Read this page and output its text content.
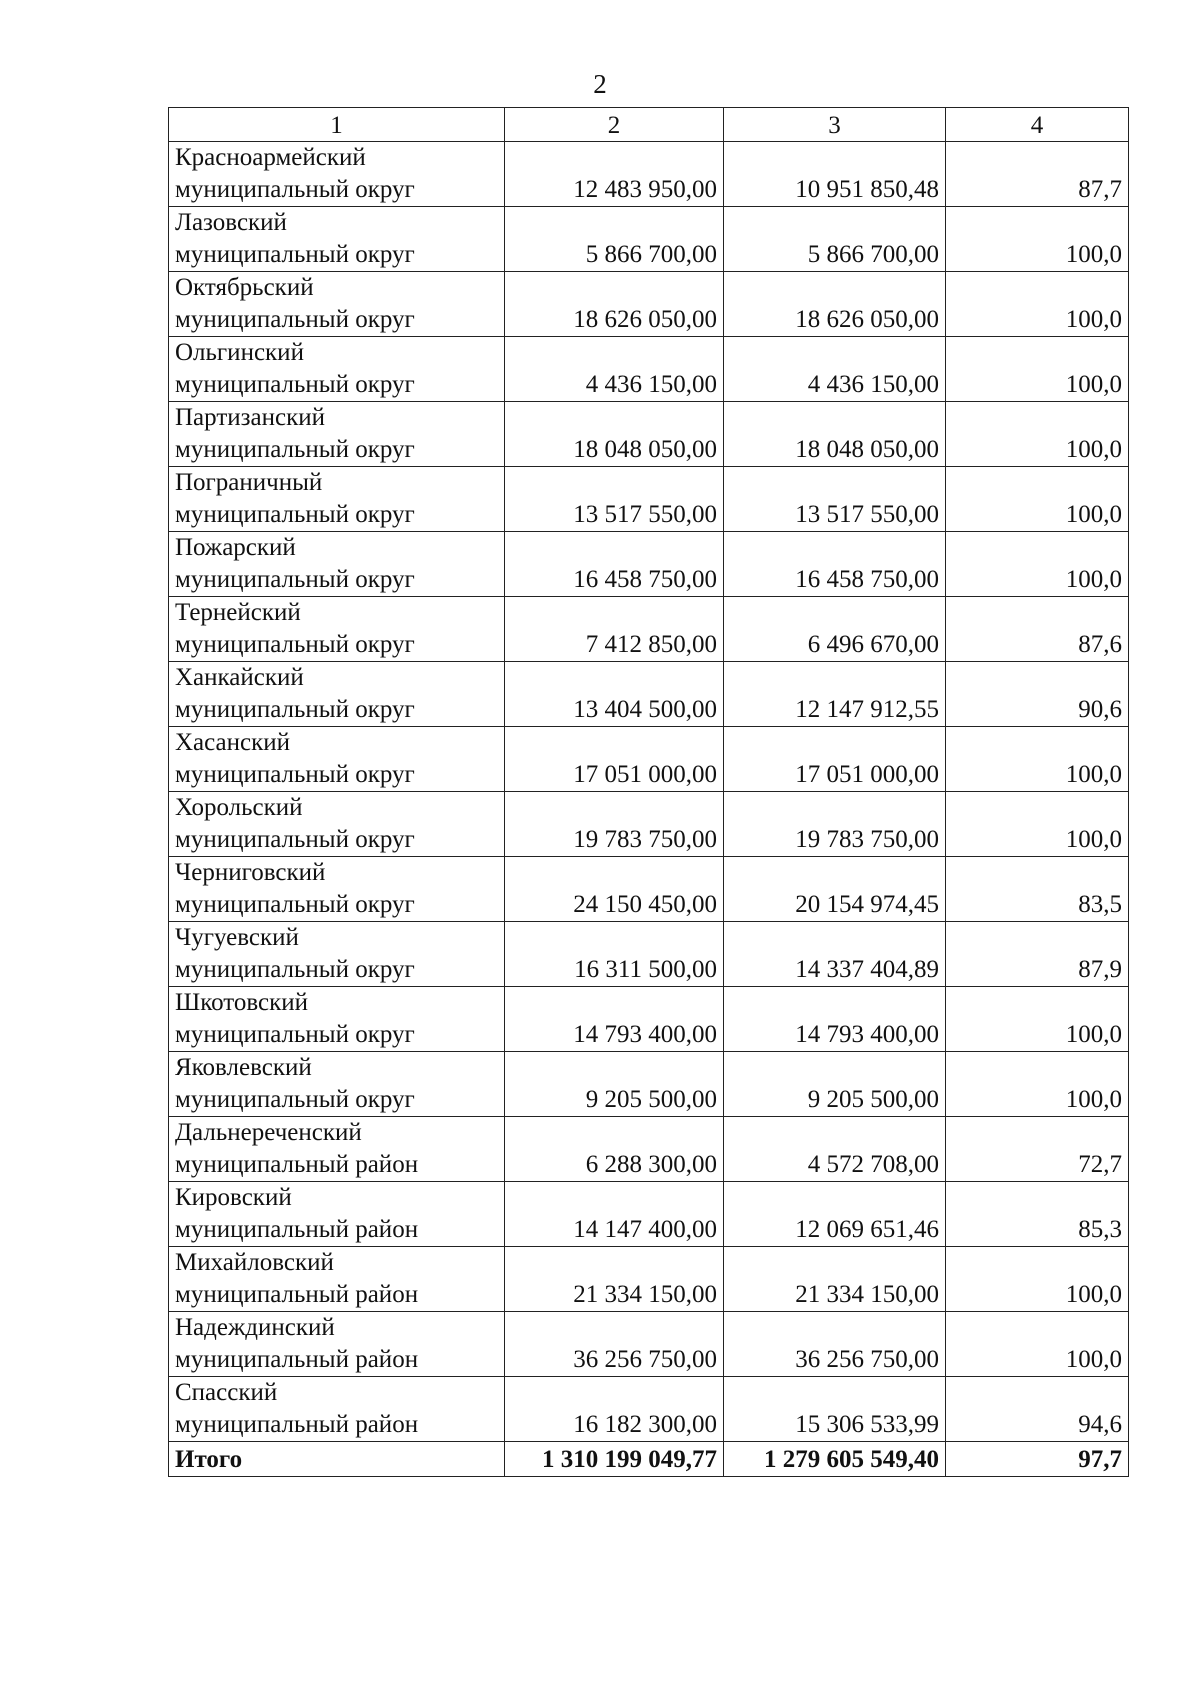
2
1	2	3	4

Красноармейский
муниципальный округ	12 483 950,00	10 951 850,48	87,7

Лазовский
муниципальный округ	5 866 700,00	5 866 700,00	100,0

Октябрьский
муниципальный округ	18 626 050,00	18 626 050,00	100,0

Ольгинский
муниципальный округ	4 436 150,00	4 436 150,00	100,0

Партизанский
муниципальный округ	18 048 050,00	18 048 050,00	100,0

Пограничный
муниципальный округ	13 517 550,00	13 517 550,00	100,0

Пожарский
муниципальный округ	16 458 750,00	16 458 750,00	100,0

Тернейский
муниципальный округ	7 412 850,00	6 496 670,00	87,6

Ханкайский
муниципальный округ	13 404 500,00	12 147 912,55	90,6

Хасанский
муниципальный округ	17 051 000,00	17 051 000,00	100,0

Хорольский
муниципальный округ	19 783 750,00	19 783 750,00	100,0

Черниговский
муниципальный округ	24 150 450,00	20 154 974,45	83,5

Чугуевский
муниципальный округ	16 311 500,00	14 337 404,89	87,9

Шкотовский
муниципальный округ	14 793 400,00	14 793 400,00	100,0

Яковлевский
муниципальный округ	9 205 500,00	9 205 500,00	100,0

Дальнереченский
муниципальный район	6 288 300,00	4 572 708,00	72,7

Кировский
муниципальный район	14 147 400,00	12 069 651,46	85,3

Михайловский
муниципальный район	21 334 150,00	21 334 150,00	100,0

Надеждинский
муниципальный район	36 256 750,00	36 256 750,00	100,0

Спасский
муниципальный район	16 182 300,00	15 306 533,99	94,6
Итого	1 310 199 049,77	1 279 605 549,40	97,7
